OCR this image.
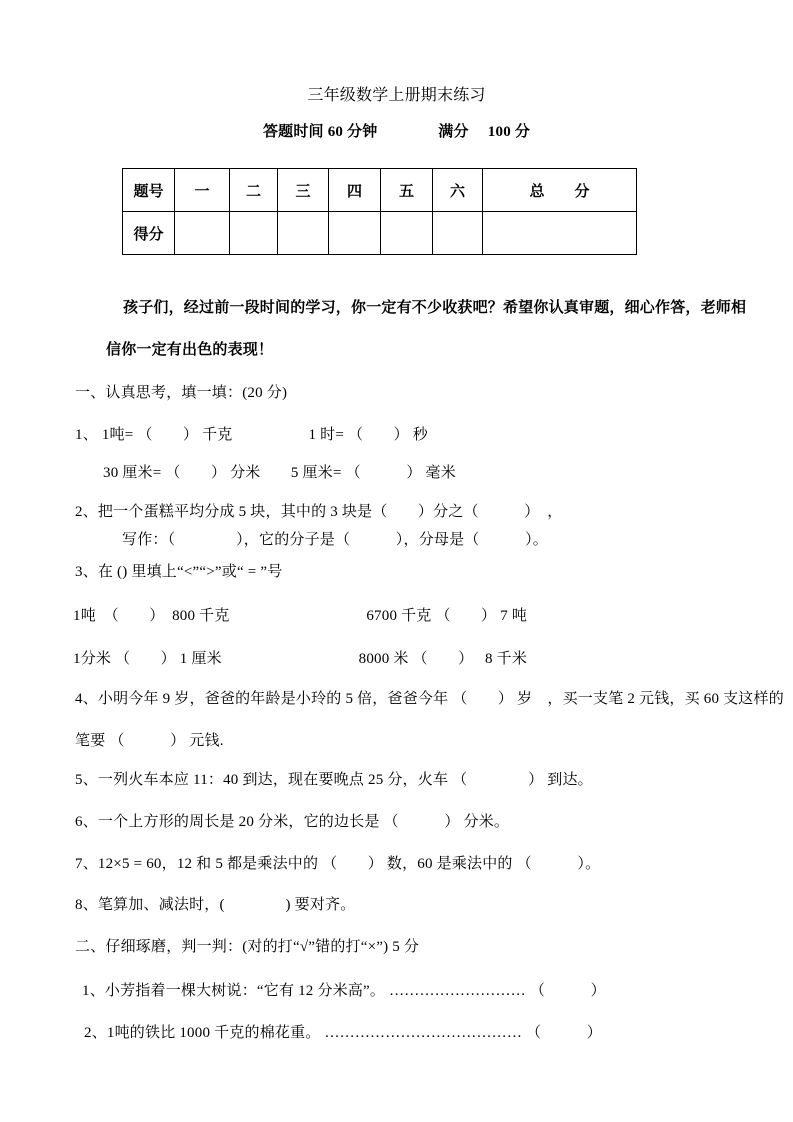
三年级数学上册期末练习
答题时间 60 分钟　　　　满分　 100 分
题号	一	二	三	四	五	六	总　　分
得分							
孩子们，经过前一段时间的学习，你一定有不少收获吧？希望你认真审题，细心作答，老师相
信你一定有出色的表现！
一、认真思考，填一填：(20 分)
1、 1吨= （　　） 千克　　　　　1 时= （　　） 秒
30 厘米= （　　） 分米　　5 厘米= （　　　） 毫米
2、把一个蛋糕平均分成 5 块，其中的 3 块是（　　）分之（　　　）　，
写作：（　　　　），它的分子是（　　　），分母是（　　　）。
3、在 () 里填上“<”“>”或“ = ”号
1吨　（　　）　800 千克　　　　　　　　　6700 千克 （　　） 7 吨
1分米 （　　） 1 厘米　　　　　　　　　8000 米 （　　）　 8 千米
4、小明今年 9 岁，爸爸的年龄是小玲的 5 倍，爸爸今年 （　　） 岁　，买一支笔 2 元钱，买 60 支这样的
笔要 （　　　） 元钱.
5、一列火车本应 11：40 到达，现在要晚点 25 分，火车 （　　　　） 到达。
6、一个上方形的周长是 20 分米，它的边长是 （　　　） 分米。
7、12×5 = 60，12 和 5 都是乘法中的 （　　） 数，60 是乘法中的 （　　　）。
8、笔算加、减法时，(　　　　) 要对齐。
二、仔细琢磨，判一判：(对的打“√”错的打“×”) 5 分
1、小芳指着一棵大树说：“它有 12 分米高”。 ……………………… （　　　）
2、1吨的铁比 1000 千克的棉花重。 ………………………………… （　　　）
